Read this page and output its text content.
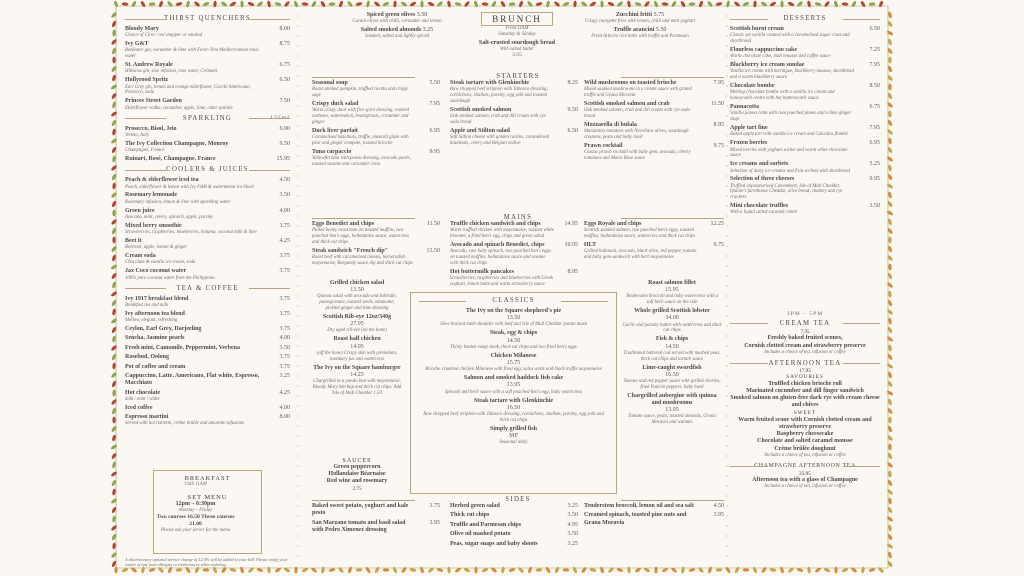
THIRST QUENCHERS
Bloody Mary	8.00
Choice of Ciroc: red snapper or smoked
Ivy G&T	8.75
Beefeater gin, cucumber & lime with Fever-Tree Mediterranean tonic water
St. Andrew Royale	6.75
Hibiscus gin, sloe infusion, rose water, Crémant
Hollyrood Spritz	6.50
Earl Grey gin, lemon and orange elderflower, Cocchi Americano, Prosecco, soda
Princes Street Garden	7.50
Elderflower vodka, cucumber, apple, lime, cider sparkle
SPARKLING	125ml
Prosecco, Bisol, Jeio	6.00
Veneto, Italy
The Ivy Collection Champagne, Monroy	9.50
Champagne, France
Ruinart, Rosé, Champagne, France	15.95
COOLERS & JUICES
Peach & elderflower iced tea	4.50
Peach, elderflower & lemon with Ivy F&B & watermelon ice blush
Rosemary lemonade	3.50
Rosemary infusion, lemon & lime with sparkling water
Green juice	4.00
Avocado, mint, celery, spinach, apple, parsley
Mixed berry smoothie	3.75
Strawberries, raspberries, blueberries, banana, coconut milk & lime
Beet it	4.25
Beetroot, apple, lemon & ginger
Cream soda	3.75
Chocolate & vanilla ice cream, soda
Jax Coco coconut water	3.75
100% pure coconut water from the Philippines
TEA & COFFEE
Ivy 1917 breakfast blend	3.75
Breakfast tea and milk
Ivy afternoon tea blend	3.75
Mellow, elegant, refreshing
Ceylon, Earl Grey, Darjeeling	3.75
Sencha, Jasmine pearls	4.00
Fresh mint, Camomile, Peppermint, Verbena	3.50
Rosebud, Oolong	3.75
Pot of coffee and cream	3.75
Cappuccino, Latte, Americano, Flat white, Espresso, Macchiato
3.25
Hot chocolate	4.25
milk / mint / white
Iced coffee	4.00
Espresso martini	8.00
Served with hot ristretto, crème brûlée and amaretto infusions
BREAKFAST
Until 11AM
SET MENU
12pm – 6:30pm
Monday – Friday
Two courses 16.50 Three courses 21.00
Please ask your server for the menu
A discretionary optional service charge of 12.5% will be added to your bill. Please notify your waiter of any food allergies or intolerances when ordering.
Spiced green olives 3.50
Gordal olives with chilli, coriander and lemon
Salted smoked almonds 3.25
Smoked, salted and lightly spiced
BRUNCH
From 11AM
Saturday & Sunday
Salt-crusted sourdough bread
With salted butter
3.95
Zucchini fritti 5.75
Crispy courgette fries with lemon, chilli and mint yoghurt
Truffle arancini 5.50
Fried Arborio rice balls with truffle and Parmesan
STARTERS
Seasonal soup	5.50
Roast smoked pumpkin, truffled ricotta and crispy sage
Crispy duck salad	7.95
Warm crispy duck with five spice dressing, roasted cashews, watermelon, beansprouts, coriander and ginger
Duck liver parfait	6.95
Caramelised hazelnuts, truffle, mustard glaze with pear and ginger compote, toasted brioche
Tuna carpaccio	9.95
Yellowfin tuna with ponzu dressing, avocado purée, toasted sesame and coriander cress
Steak tartare with Glenkinchie	8.25
Raw chopped beef striploin with Tabasco dressing, cornichons, shallots, parsley, egg yolk and toasted sourdough
Scottish smoked salmon	9.50
Oak smoked salmon, crab and dill cream with rye soda bread
Apple and Stilton salad	6.50
Soft Stilton cheese with golden raisins, caramelised hazelnuts, celery and Belgian endive
Wild mushrooms on toasted brioche	7.95
Mixed sautéed mushrooms in a cream sauce with grated truffle and Grana Moravia
Scottish smoked salmon and crab	11.50
Oak smoked salmon, crab and dill cream with rye soda bread
Mozzarella di bufala	8.95
Marzanino tomatoes with Nocellara olives, sourdough croutons, pesto and baby basil
Prawn cocktail	9.75
Classic prawn cocktail with baby gem, avocado, cherry tomatoes and Marie Rose sauce
MAINS
Eggs Benedict and chips	11.50
Pulled honey roast ham on toasted muffins, two poached hen's eggs, hollandaise sauce, watercress and thick cut chips
Steak sandwich "French dip"	13.50
Roast beef with caramelised onions, horseradish mayonnaise, Burgundy sauce dip and thick cut chips
Truffle chicken sandwich and chips	14.95
Warm truffled chicken with mayonnaise, toasted white bloomer, a fried hen's egg, chips and green salad
Avocado and spinach Benedict, chips	10.95
Avocado, raw baby spinach, two poached hen's eggs on toasted muffins, hollandaise sauce and sesame with thick cut chips
Hot buttermilk pancakes	8.95
Strawberries, raspberries and blueberries with Greek yoghurt, lemon balm and warm strawberry sauce
Eggs Royale and chips	12.25
Scottish smoked salmon, two poached hen's eggs, toasted muffins, hollandaise sauce, watercress and thick cut chips
HLT	9.75
Grilled halloumi, avocado, black olive, red pepper, tomato and baby gem sandwich with herb mayonnaise
Grilled chicken salad
13.50
Quinoa salad with avocado and kohlrabi, pomegranate, toasted seeds, edamame, pickled ginger and lime dressing
Scottish Rib-eye 12oz/340g
27.95
Dry aged rib-eye (on the bone)
Roast half chicken
14.95
(off the bone) Crispy skin with gremolata, rosemary jus and watercress
The Ivy on the Square hamburger
14.25
Chargrilled in a potato bun with mayonnaise, Bloody Mary ketchup and thick cut chips. Add Isle of Mull Cheddar 1.50
SAUCES
Green peppercorn
Hollandaise Béarnaise
Red wine and rosemary
2.75
CLASSICS
The Ivy on the Square shepherd's pie
13.50
Slow braised lamb shoulder with beef and Isle of Mull Cheddar potato mash
Steak, egg & chips
14.50
Thinly beaten rump steak, thick cut chips and two fried hen's eggs
Chicken Milanese
15.75
Brioche crumbed chicken Milanese with fried egg, salsa verde and black truffle mayonnaise
Salmon and smoked haddock fish cake
13.95
Spinach and herb sauce with a soft poached hen's egg, baby watercress
Steak tartare with Glenkinchie
16.50
Raw chopped beef striploin with Tabasco dressing, cornichons, shallots, parsley, egg yolk and thick cut chips
Simply grilled fish
MP
Seasonal daily
Roast salmon fillet
15.95
Tenderstem broccoli and baby watercress with a soft herb sauce on the side
Whole grilled Scottish lobster
34.00
Garlic and parsley butter with watercress and thick cut chips
Fish & chips
14.50
Traditional battered cod served with mushed peas, thick cut chips and tartare sauce
Lime-caught swordfish
16.50
Tomato and red pepper sauce with grilled chorizo, fried Padrón peppers, baby basil
Chargrilled aubergine with quinoa and mushrooms
13.95
Tomato sauce, pesto, toasted almonds, Grana Moravia and walnuts
SIDES
Baked sweet potato, yoghurt and kale pesto
3.75
San Marzano tomato and basil salad with Pedro Ximenez dressing
3.95
Herbed green salad	3.25
Thick cut chips	3.50
Truffle and Parmesan chips	4.95
Olive oil mashed potato	3.50
Peas, sugar snaps and baby shoots	3.25
Tenderstem broccoli, lemon oil and sea salt	4.50
Creamed spinach, toasted pine nuts and Grana Moravia
3.95
DESSERTS
Scottish burnt cream	6.50
Classic set vanilla custard with a caramelised sugar crust and shortbread
Flourless cappuccino cake	7.25
Warm chocolate cake, malt mousse and coffee sauce
Blackberry ice cream sundae	7.95
Vanilla ice cream with meringue, blackberry mousse, shortbread and a warm blackberry sauce
Chocolate bombe	8.50
Melting chocolate bombe with a vanilla ice cream and honeycomb centre with hot butterscotch sauce
Pannacotta	6.75
Vanilla panna cotta with rum poached plums and a lime ginger snap
Apple tart fine	7.95
Baked apple tart with vanilla ice cream and Calvados flambé
Frozen berries	6.95
Mixed berries with yoghurt sorbet and warm white chocolate sauce
Ice creams and sorbets	5.25
Selection of dairy ice creams and fruit sorbets with shortbread
Selection of three cheeses	9.95
Truffled unpasteurised Camembert, Isle of Mull Cheddar, Quicke's farmhouse Cheddar, olive bread, chutney and rye crackers
Mini chocolate truffles	3.50
With a liquid salted caramel centre
3PM – 5PM
CREAM TEA
7.95
Freshly baked fruited scones,
Cornish clotted cream and strawberry preserve
Includes a choice of tea, infusion or coffee
AFTERNOON TEA
17.95
SAVOURIES
Truffled chicken brioche roll
Marinated cucumber and dill finger sandwich
Smoked salmon on gluten-free dark rye with cream cheese and chives
SWEET
Warm fruited scone with Cornish clotted cream and strawberry preserve
Raspberry cheesecake
Chocolate and salted caramel mousse
Crème brûlée doughnut
Includes a choice of tea, infusion or coffee
CHAMPAGNE AFTERNOON TEA
25.95
Afternoon tea with a glass of Champagne
Includes a choice of tea, infusion or coffee
